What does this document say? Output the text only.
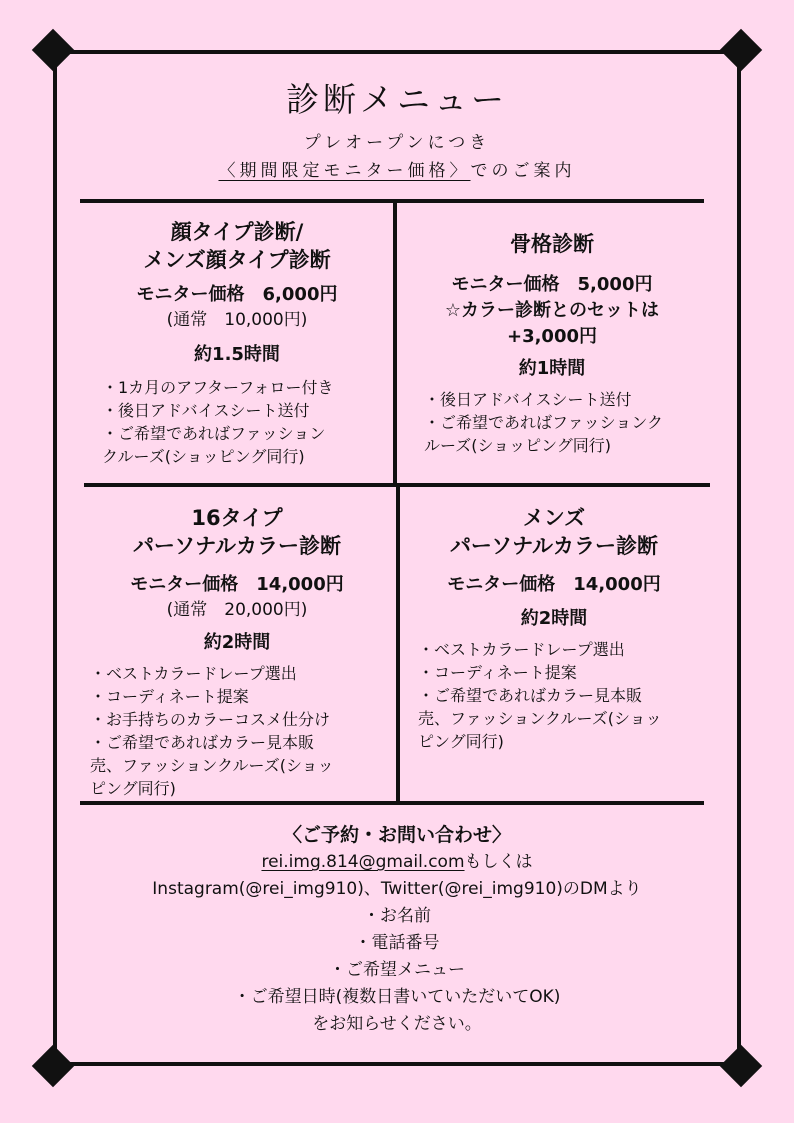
診断メニュー
プレオープンにつき
〈期間限定モニター価格〉でのご案内
顔タイプ診断/
メンズ顔タイプ診断
モニター価格　6,000円
(通常　10,000円)
約1.5時間
・1カ月のアフターフォロー付き
・後日アドバイスシート送付
・ご希望であればファッション
クルーズ(ショッピング同行)
骨格診断
モニター価格　5,000円
☆カラー診断とのセットは
+3,000円
約1時間
・後日アドバイスシート送付
・ご希望であればファッションク
ルーズ(ショッピング同行)
16タイプ
パーソナルカラー診断
モニター価格　14,000円
(通常　20,000円)
約2時間
・ベストカラードレープ選出
・コーディネート提案
・お手持ちのカラーコスメ仕分け
・ご希望であればカラー見本販
売、ファッションクルーズ(ショッ
ピング同行)
メンズ
パーソナルカラー診断
モニター価格　14,000円
約2時間
・ベストカラードレープ選出
・コーディネート提案
・ご希望であればカラー見本販
売、ファッションクルーズ(ショッ
ピング同行)
〈ご予約・お問い合わせ〉
rei.img.814@gmail.comもしくは
Instagram(@rei_img910)、Twitter(@rei_img910)のDMより
・お名前
・電話番号
・ご希望メニュー
・ご希望日時(複数日書いていただいてOK)
をお知らせください。
